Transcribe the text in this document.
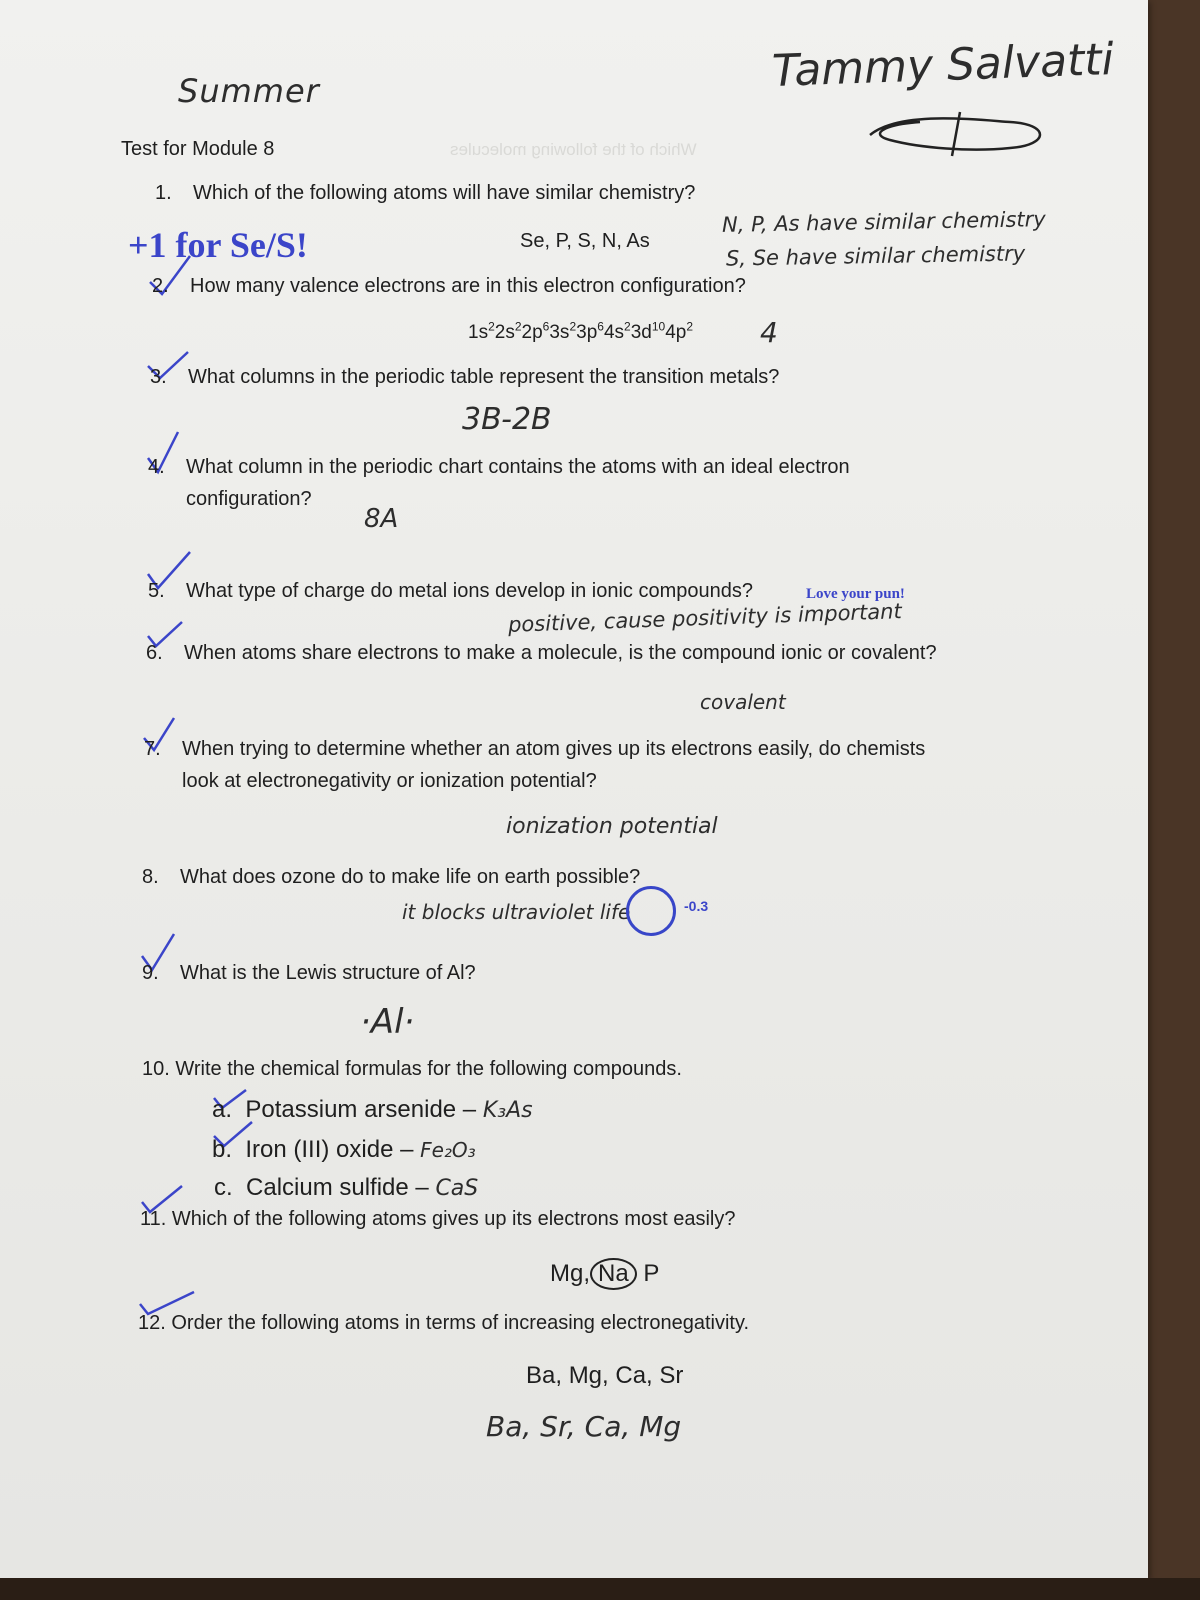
Summer	Tammy Salvatti
Test for Module 8	Which of the following molecules
+1 for Se/S!
1. Which of the following atoms will have similar chemistry?
Se, P, S, N, As
N, P, As have similar chemistry
S, Se have similar chemistry
2. How many valence electrons are in this electron configuration?
$1s^22s^22p^63s^23p^64s^23d^{10}4p^2$ 4
3. What columns in the periodic table represent the transition metals?
3B-2B
4. What column in the periodic chart contains the atoms with an ideal electron
configuration?
8A
5. What type of charge do metal ions develop in ionic compounds?	Love your pun!
positive, cause positivity is important
6. When atoms share electrons to make a molecule, is the compound ionic or covalent?
covalent
7. When trying to determine whether an atom gives up its electrons easily, do chemists
look at electronegativity or ionization potential?
ionization potential
8. What does ozone do to make life on earth possible?
it blocks ultraviolet life	-0.3
9. What is the Lewis structure of Al?
·Al·
10. Write the chemical formulas for the following compounds.
a. Potassium arsenide – K₃As
b. Iron (III) oxide – Fe₂O₃
c. Calcium sulfide – CaS
11. Which of the following atoms gives up its electrons most easily?
Mg, Na P
12. Order the following atoms in terms of increasing electronegativity.
Ba, Mg, Ca, Sr
Ba, Sr, Ca, Mg
